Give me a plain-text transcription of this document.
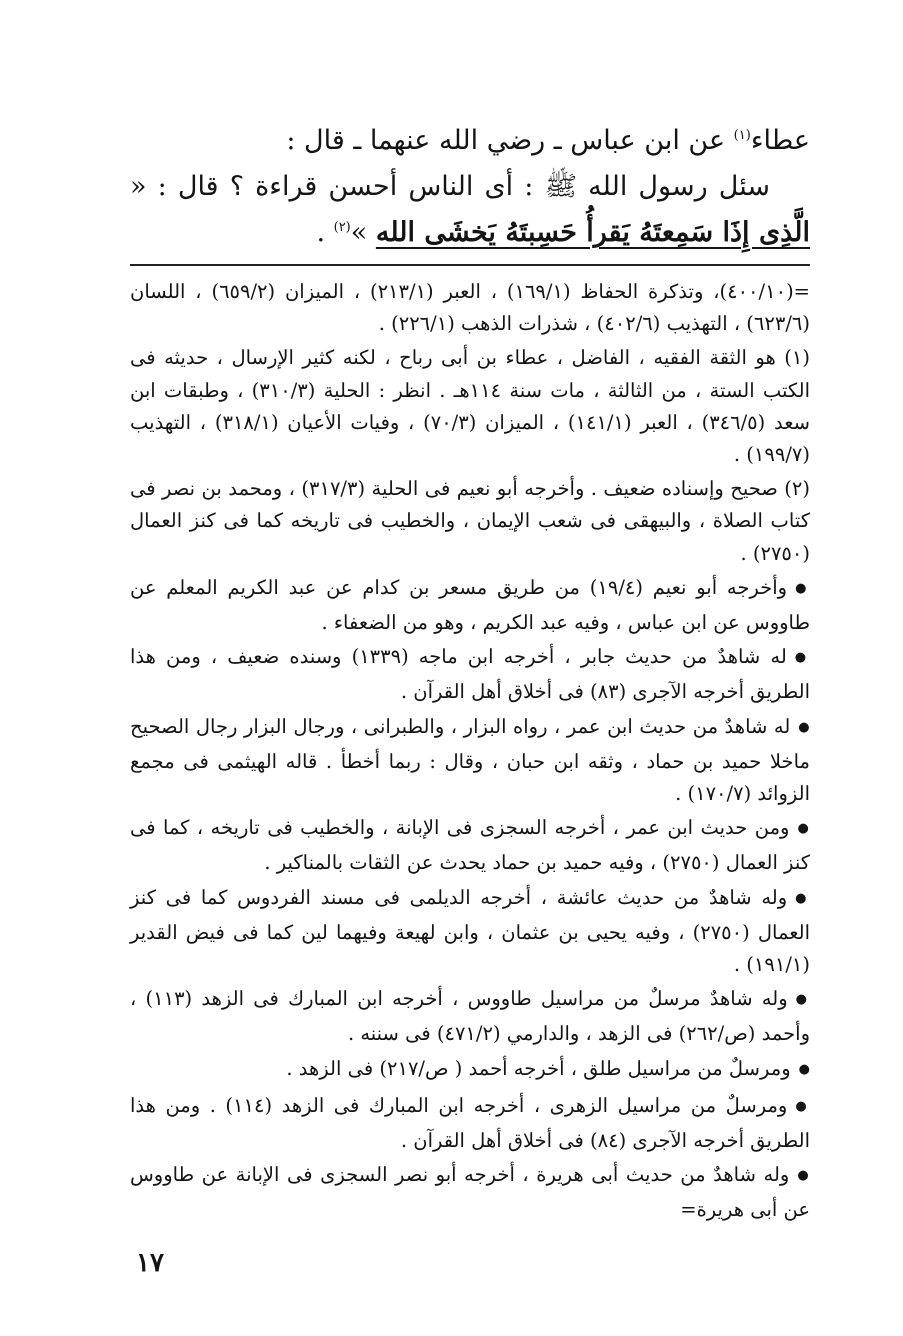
عطاء$^{(١)}$ عن ابن عباس ـ رضي الله عنهما ـ قال :

سئل رسول الله ﷺ : أى الناس أحسن قراءة ؟ قال : « الَّذِى إِذَا سَمِعتَهُ يَقرأُ حَسِبتَهُ يَخشَى الله »$^{(٢)}$ .

=(٤٠٠/١٠)، وتذكرة الحفاظ (١٦٩/١) ، العبر (٢١٣/١) ، الميزان (٦٥٩/٢) ، اللسان (٦٢٣/٦) ، التهذيب (٤٠٢/٦) ، شذرات الذهب (٢٢٦/١) .

(١) هو الثقة الفقيه ، الفاضل ، عطاء بن أبى رباح ، لكنه كثير الإرسال ، حديثه فى الكتب الستة ، من الثالثة ، مات سنة ١١٤هـ . انظر : الحلية (٣١٠/٣) ، وطبقات ابن سعد (٣٤٦/٥) ، العبر (١٤١/١) ، الميزان (٧٠/٣) ، وفيات الأعيان (٣١٨/١) ، التهذيب (١٩٩/٧) .

(٢) صحيح وإسناده ضعيف . وأخرجه أبو نعيم فى الحلية (٣١٧/٣) ، ومحمد بن نصر فى كتاب الصلاة ، والبيهقى فى شعب الإيمان ، والخطيب فى تاريخه كما فى كنز العمال (٢٧٥٠) .

● وأخرجه أبو نعيم (١٩/٤) من طريق مسعر بن كدام عن عبد الكريم المعلم عن طاووس عن ابن عباس ، وفيه عبد الكريم ، وهو من الضعفاء .

● له شاهدٌ من حديث جابر ، أخرجه ابن ماجه (١٣٣٩) وسنده ضعيف ، ومن هذا الطريق أخرجه الآجرى (٨٣) فى أخلاق أهل القرآن .

● له شاهدٌ من حديث ابن عمر ، رواه البزار ، والطبرانى ، ورجال البزار رجال الصحيح ماخلا حميد بن حماد ، وثقه ابن حبان ، وقال : ربما أخطأ . قاله الهيثمى فى مجمع الزوائد (١٧٠/٧) .

● ومن حديث ابن عمر ، أخرجه السجزى فى الإبانة ، والخطيب فى تاريخه ، كما فى كنز العمال (٢٧٥٠) ، وفيه حميد بن حماد يحدث عن الثقات بالمناكير .

● وله شاهدٌ من حديث عائشة ، أخرجه الديلمى فى مسند الفردوس كما فى كنز العمال (٢٧٥٠) ، وفيه يحيى بن عثمان ، وابن لهيعة وفيهما لين كما فى فيض القدير (١٩١/١) .

● وله شاهدٌ مرسلٌ من مراسيل طاووس ، أخرجه ابن المبارك فى الزهد (١١٣) ، وأحمد (ص/٢٦٢) فى الزهد ، والدارمي (٤٧١/٢) فى سننه .

● ومرسلٌ من مراسيل طلق ، أخرجه أحمد ( ص/٢١٧) فى الزهد .

● ومرسلٌ من مراسيل الزهرى ، أخرجه ابن المبارك فى الزهد (١١٤) . ومن هذا الطريق أخرجه الآجرى (٨٤) فى أخلاق أهل القرآن .

● وله شاهدٌ من حديث أبى هريرة ، أخرجه أبو نصر السجزى فى الإبانة عن طاووس عن أبى هريرة=

١٧
